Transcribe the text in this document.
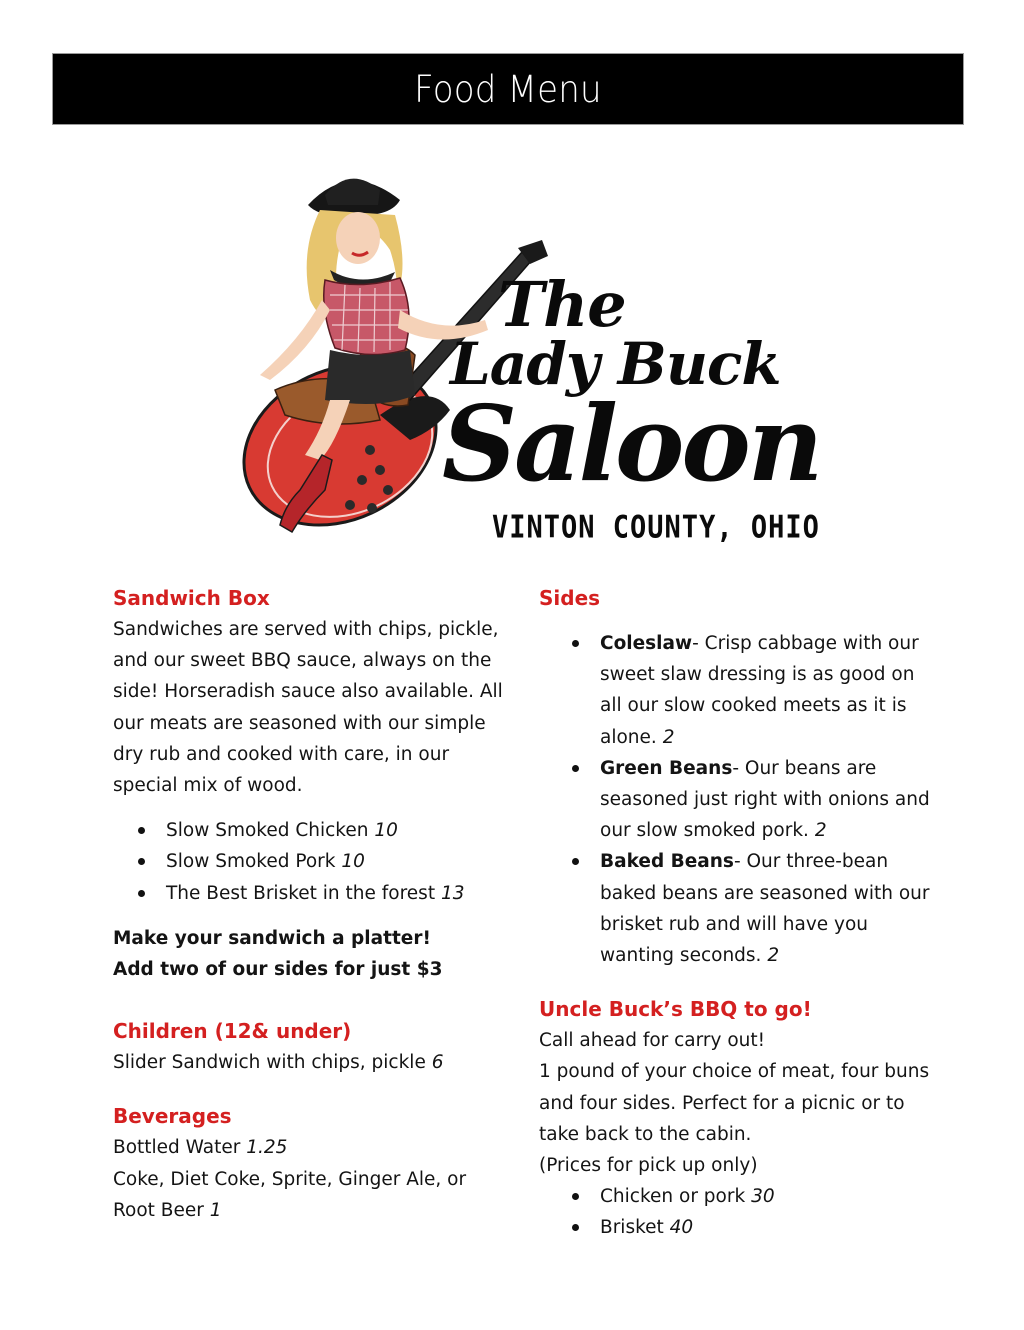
Food Menu
The
Lady Buck
Saloon
VINTON COUNTY, OHIO
Sandwich Box
Sandwiches are served with chips, pickle, and our sweet BBQ sauce, always on the side! Horseradish sauce also available. All our meats are seasoned with our simple dry rub and cooked with care, in our special mix of wood.
Slow Smoked Chicken 10
Slow Smoked Pork 10
The Best Brisket in the forest 13
Make your sandwich a platter!
Add two of our sides for just $3
Children (12& under)
Slider Sandwich with chips, pickle 6
Beverages
Bottled Water 1.25
Coke, Diet Coke, Sprite, Ginger Ale, or Root Beer 1
Sides
Coleslaw- Crisp cabbage with our sweet slaw dressing is as good on all our slow cooked meets as it is alone. 2
Green Beans- Our beans are seasoned just right with onions and our slow smoked pork. 2
Baked Beans- Our three-bean baked beans are seasoned with our brisket rub and will have you wanting seconds. 2
Uncle Buck’s BBQ to go!
Call ahead for carry out!
1 pound of your choice of meat, four buns and four sides. Perfect for a picnic or to take back to the cabin.
(Prices for pick up only)
Chicken or pork 30
Brisket 40
